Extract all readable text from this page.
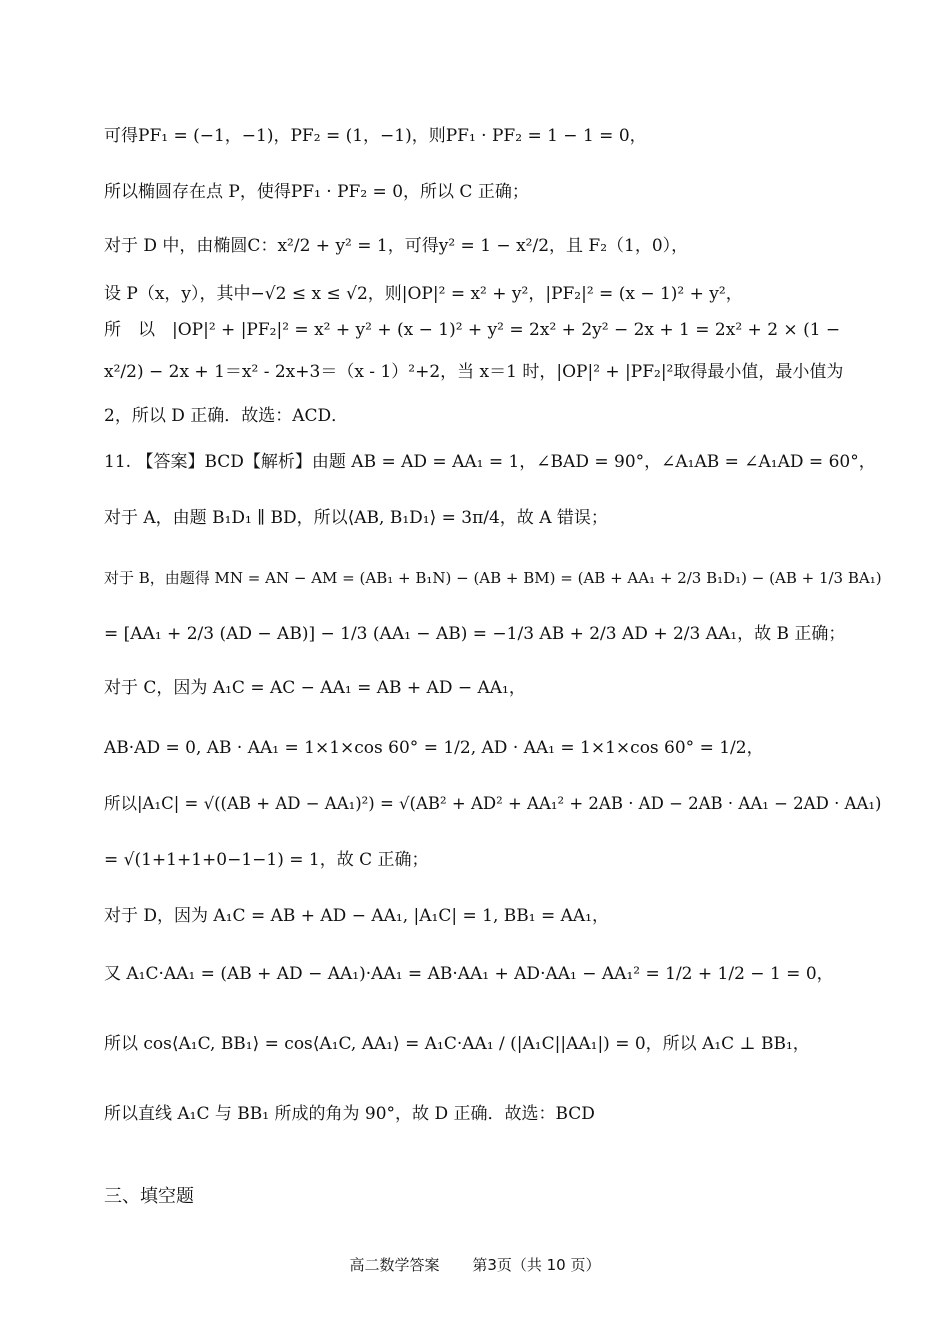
可得PF₁ = (−1，−1)，PF₂ = (1，−1)，则PF₁ · PF₂ = 1 − 1 = 0，
所以椭圆存在点 P，使得PF₁ · PF₂ = 0，所以 C 正确；
对于 D 中，由椭圆C：x²/2 + y² = 1，可得y² = 1 − x²/2，且 F₂（1，0），
设 P（x，y），其中−√2 ≤ x ≤ √2，则|OP|² = x² + y²，|PF₂|² = (x − 1)² + y²，
所　以　|OP|² + |PF₂|² = x² + y² + (x − 1)² + y² = 2x² + 2y² − 2x + 1 = 2x² + 2 × (1 −
x²/2) − 2x + 1＝x² ‐ 2x+3＝（x ‐ 1）²+2，当 x＝1 时，|OP|² + |PF₂|²取得最小值，最小值为
2，所以 D 正确．故选：ACD．
11. 【答案】BCD【解析】由题 AB = AD = AA₁ = 1，∠BAD = 90°，∠A₁AB = ∠A₁AD = 60°，
对于 A，由题 B₁D₁ ∥ BD，所以⟨AB, B₁D₁⟩ = 3π/4，故 A 错误；
对于 B，由题得 MN = AN − AM = (AB₁ + B₁N) − (AB + BM) = (AB + AA₁ + 2/3 B₁D₁) − (AB + 1/3 BA₁)
= [AA₁ + 2/3 (AD − AB)] − 1/3 (AA₁ − AB) = −1/3 AB + 2/3 AD + 2/3 AA₁，故 B 正确；
对于 C，因为 A₁C = AC − AA₁ = AB + AD − AA₁，
AB·AD = 0, AB · AA₁ = 1×1×cos 60° = 1/2, AD · AA₁ = 1×1×cos 60° = 1/2，
所以|A₁C| = √((AB + AD − AA₁)²) = √(AB² + AD² + AA₁² + 2AB · AD − 2AB · AA₁ − 2AD · AA₁)
= √(1+1+1+0−1−1) = 1，故 C 正确；
对于 D，因为 A₁C = AB + AD − AA₁, |A₁C| = 1, BB₁ = AA₁，
又 A₁C·AA₁ = (AB + AD − AA₁)·AA₁ = AB·AA₁ + AD·AA₁ − AA₁² = 1/2 + 1/2 − 1 = 0，
所以 cos⟨A₁C, BB₁⟩ = cos⟨A₁C, AA₁⟩ = A₁C·AA₁ / (|A₁C||AA₁|) = 0，所以 A₁C ⊥ BB₁，
所以直线 A₁C 与 BB₁ 所成的角为 90°，故 D 正确．故选：BCD
三、填空题
高二数学答案 第3页（共 10 页）
